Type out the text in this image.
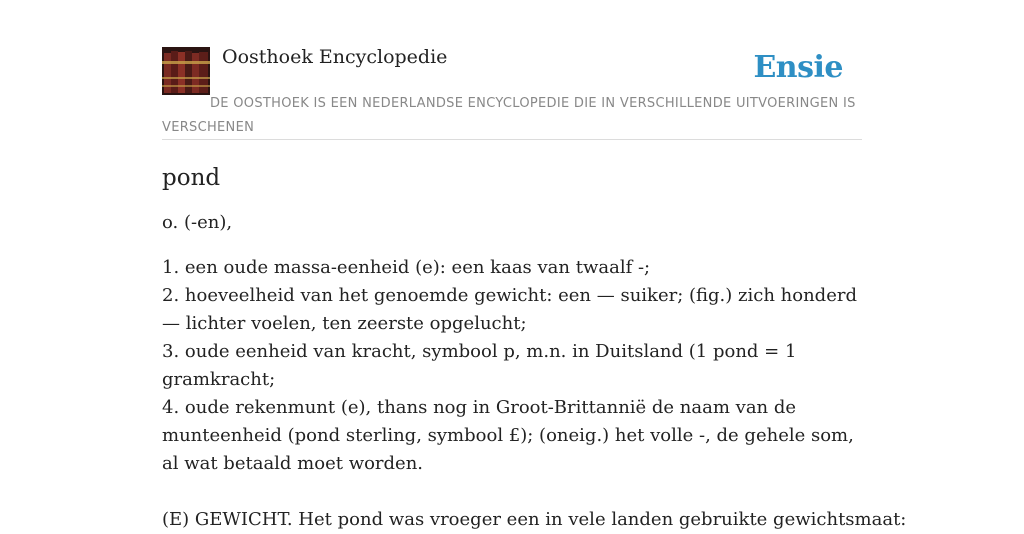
Oosthoek Encyclopedie	Ensie
DE OOSTHOEK IS EEN NEDERLANDSE ENCYCLOPEDIE DIE IN VERSCHILLENDE UITVOERINGEN IS VERSCHENEN
pond

o. (-en),

1. een oude massa-eenheid (e): een kaas van twaalf -;
2. hoeveelheid van het genoemde gewicht: een — suiker; (fig.) zich honderd — lichter voelen, ten zeerste opgelucht;
3. oude eenheid van kracht, symbool p, m.n. in Duitsland (1 pond = 1 gramkracht;
4. oude rekenmunt (e), thans nog in Groot-Brittannië de naam van de munteenheid (pond sterling, symbool £); (oneig.) het volle -, de gehele som, al wat betaald moet worden.

(E) GEWICHT. Het pond was vroeger een in vele landen gebruikte gewichtsmaat:
